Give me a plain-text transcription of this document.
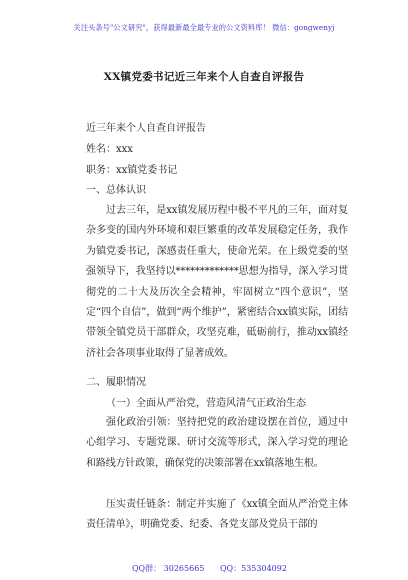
关注头条号"公文研究"，获得最新最全最专业的公文资料库！ 微信：gongwenyj
XX镇党委书记近三年来个人自查自评报告
近三年来个人自查自评报告
姓名：xxx
职务：xx镇党委书记
一、总体认识
过去三年，是xx镇发展历程中极不平凡的三年，面对复杂多变的国内外环境和艰巨繁重的改革发展稳定任务，我作为镇党委书记，深感责任重大，使命光荣。在上级党委的坚强领导下，我坚持以*************思想为指导，深入学习贯彻党的二十大及历次全会精神，牢固树立“四个意识”，坚定“四个自信”，做到“两个维护”，紧密结合xx镇实际，团结带领全镇党员干部群众，攻坚克难，砥砺前行，推动xx镇经济社会各项事业取得了显著成效。
二、履职情况
（一）全面从严治党，营造风清气正政治生态
强化政治引领：坚持把党的政治建设摆在首位，通过中心组学习、专题党课、研讨交流等形式，深入学习党的理论和路线方针政策，确保党的决策部署在xx镇落地生根。
压实责任链条：制定并实施了《xx镇全面从严治党主体责任清单》，明确党委、纪委、各党支部及党员干部的
QQ群： 30265665 QQ：535304092
